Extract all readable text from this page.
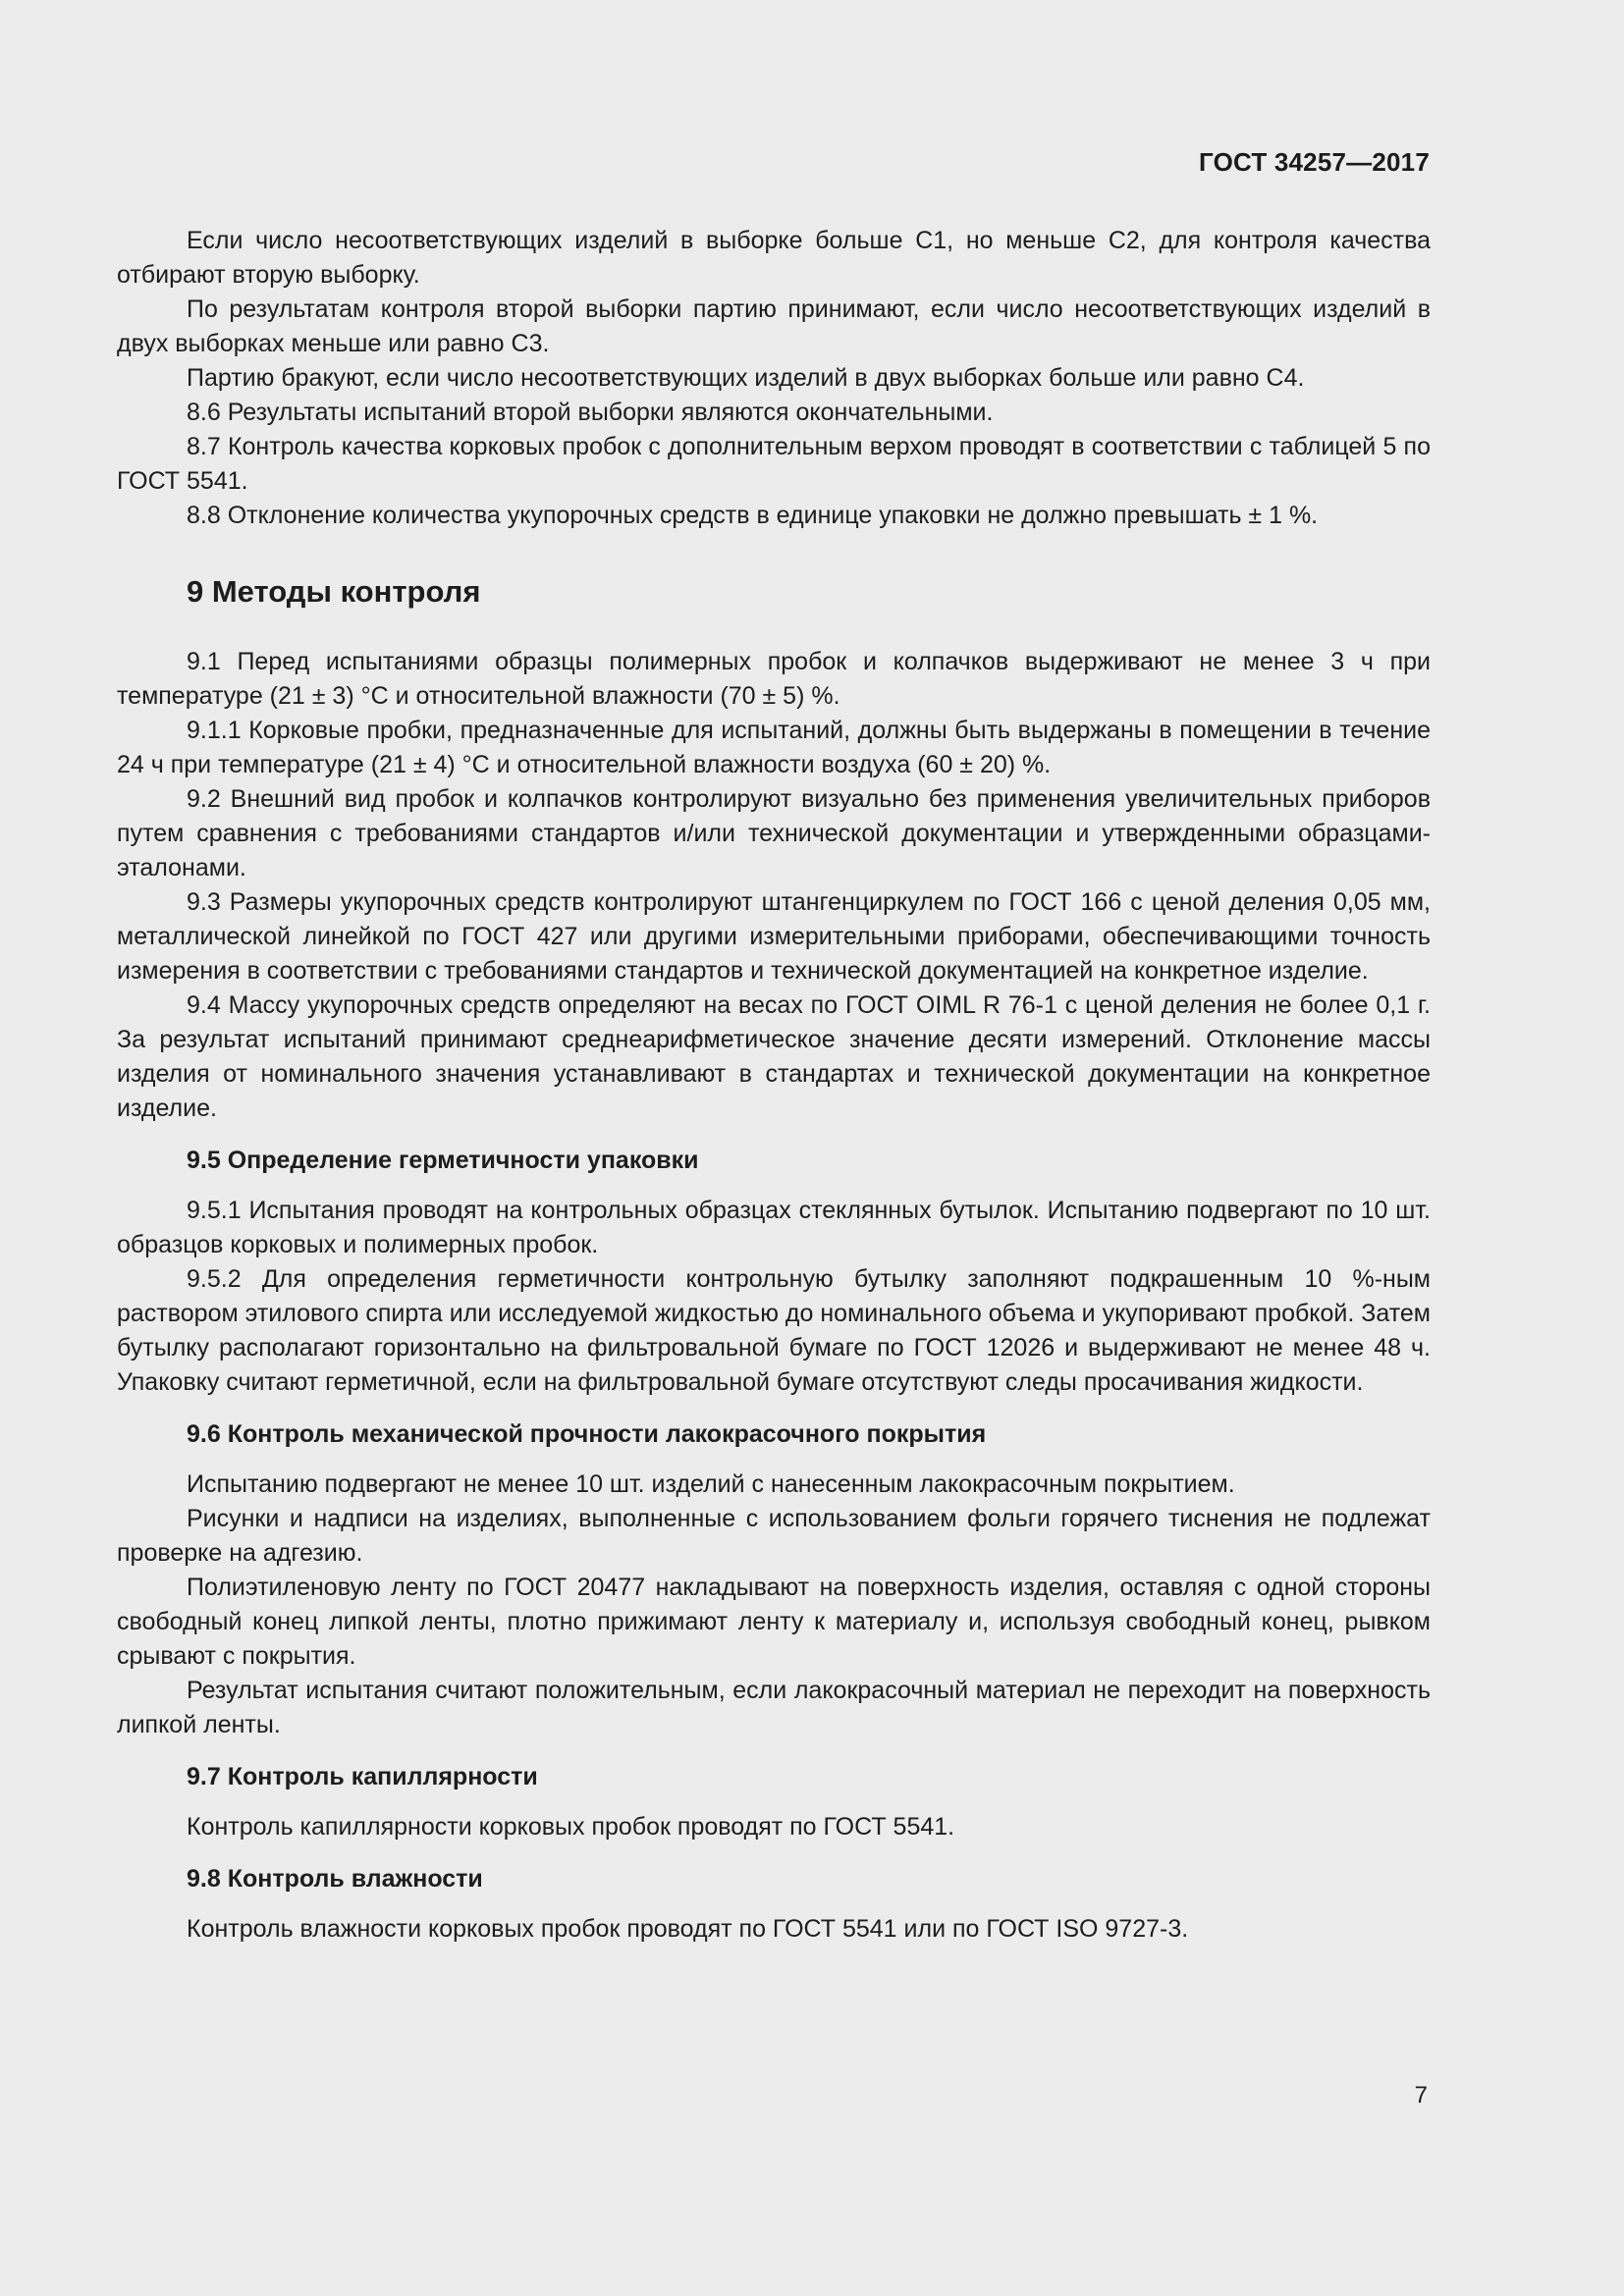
ГОСТ 34257—2017

Если число несоответствующих изделий в выборке больше С1, но меньше С2, для контроля качества отбирают вторую выборку.

По результатам контроля второй выборки партию принимают, если число несоответствующих изделий в двух выборках меньше или равно С3.

Партию бракуют, если число несоответствующих изделий в двух выборках больше или равно С4.

8.6 Результаты испытаний второй выборки являются окончательными.

8.7 Контроль качества корковых пробок с дополнительным верхом проводят в соответствии с таблицей 5 по ГОСТ 5541.

8.8 Отклонение количества укупорочных средств в единице упаковки не должно превышать ± 1 %.

9 Методы контроля

9.1 Перед испытаниями образцы полимерных пробок и колпачков выдерживают не менее 3 ч при температуре (21 ± 3) °С и относительной влажности (70 ± 5) %.

9.1.1 Корковые пробки, предназначенные для испытаний, должны быть выдержаны в помещении в течение 24 ч при температуре (21 ± 4) °С и относительной влажности воздуха (60 ± 20) %.

9.2 Внешний вид пробок и колпачков контролируют визуально без применения увеличительных приборов путем сравнения с требованиями стандартов и/или технической документации и утвержденными образцами-эталонами.

9.3 Размеры укупорочных средств контролируют штангенциркулем по ГОСТ 166 с ценой деления 0,05 мм, металлической линейкой по ГОСТ 427 или другими измерительными приборами, обеспечивающими точность измерения в соответствии с требованиями стандартов и технической документацией на конкретное изделие.

9.4 Массу укупорочных средств определяют на весах по ГОСТ OIML R 76-1 с ценой деления не более 0,1 г. За результат испытаний принимают среднеарифметическое значение десяти измерений. Отклонение массы изделия от номинального значения устанавливают в стандартах и технической документации на конкретное изделие.

9.5 Определение герметичности упаковки

9.5.1 Испытания проводят на контрольных образцах стеклянных бутылок. Испытанию подвергают по 10 шт. образцов корковых и полимерных пробок.

9.5.2 Для определения герметичности контрольную бутылку заполняют подкрашенным 10 %-ным раствором этилового спирта или исследуемой жидкостью до номинального объема и укупоривают пробкой. Затем бутылку располагают горизонтально на фильтровальной бумаге по ГОСТ 12026 и выдерживают не менее 48 ч. Упаковку считают герметичной, если на фильтровальной бумаге отсутствуют следы просачивания жидкости.

9.6 Контроль механической прочности лакокрасочного покрытия

Испытанию подвергают не менее 10 шт. изделий с нанесенным лакокрасочным покрытием.

Рисунки и надписи на изделиях, выполненные с использованием фольги горячего тиснения не подлежат проверке на адгезию.

Полиэтиленовую ленту по ГОСТ 20477 накладывают на поверхность изделия, оставляя с одной стороны свободный конец липкой ленты, плотно прижимают ленту к материалу и, используя свободный конец, рывком срывают с покрытия.

Результат испытания считают положительным, если лакокрасочный материал не переходит на поверхность липкой ленты.

9.7 Контроль капиллярности

Контроль капиллярности корковых пробок проводят по ГОСТ 5541.

9.8 Контроль влажности

Контроль влажности корковых пробок проводят по ГОСТ 5541 или по ГОСТ ISO 9727-3.

7
